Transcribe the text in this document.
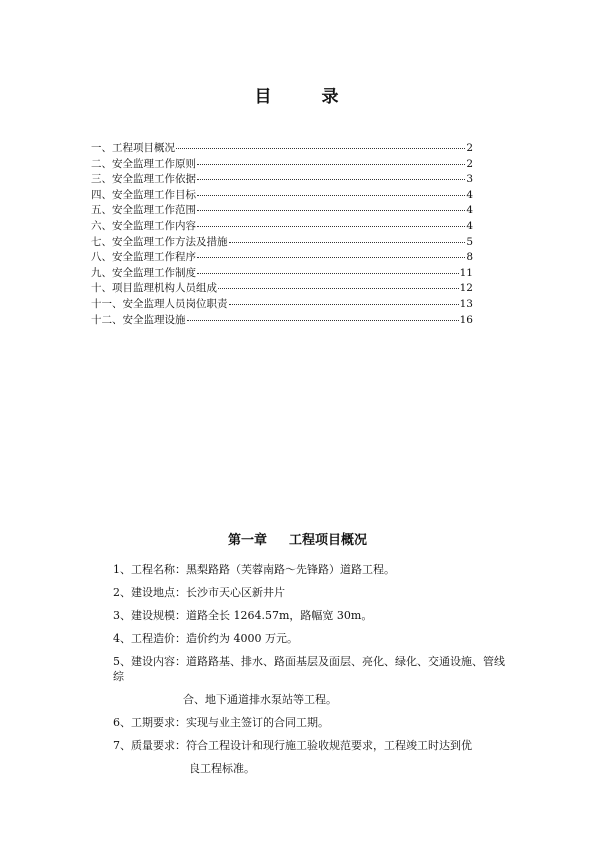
目 录
一、工程项目概况	2
二、安全监理工作原则	2
三、安全监理工作依据	3
四、安全监理工作目标	4
五、安全监理工作范围	4
六、安全监理工作内容	4
七、安全监理工作方法及措施	5
八、安全监理工作程序	8
九、安全监理工作制度	11
十、项目监理机构人员组成	12
十一、安全监理人员岗位职责	13
十二、安全监理设施	16
第一章 工程项目概况
1、工程名称：黑梨路路（芙蓉南路～先锋路）道路工程。
2、建设地点：长沙市天心区新井片
3、建设规模：道路全长 1264.57m，路幅宽 30m。
4、工程造价：造价约为 4000 万元。
5、建设内容：道路路基、排水、路面基层及面层、亮化、绿化、交通设施、管线综
合、地下通道排水泵站等工程。
6、工期要求：实现与业主签订的合同工期。
7、质量要求：符合工程设计和现行施工验收规范要求，工程竣工时达到优
良工程标准。
